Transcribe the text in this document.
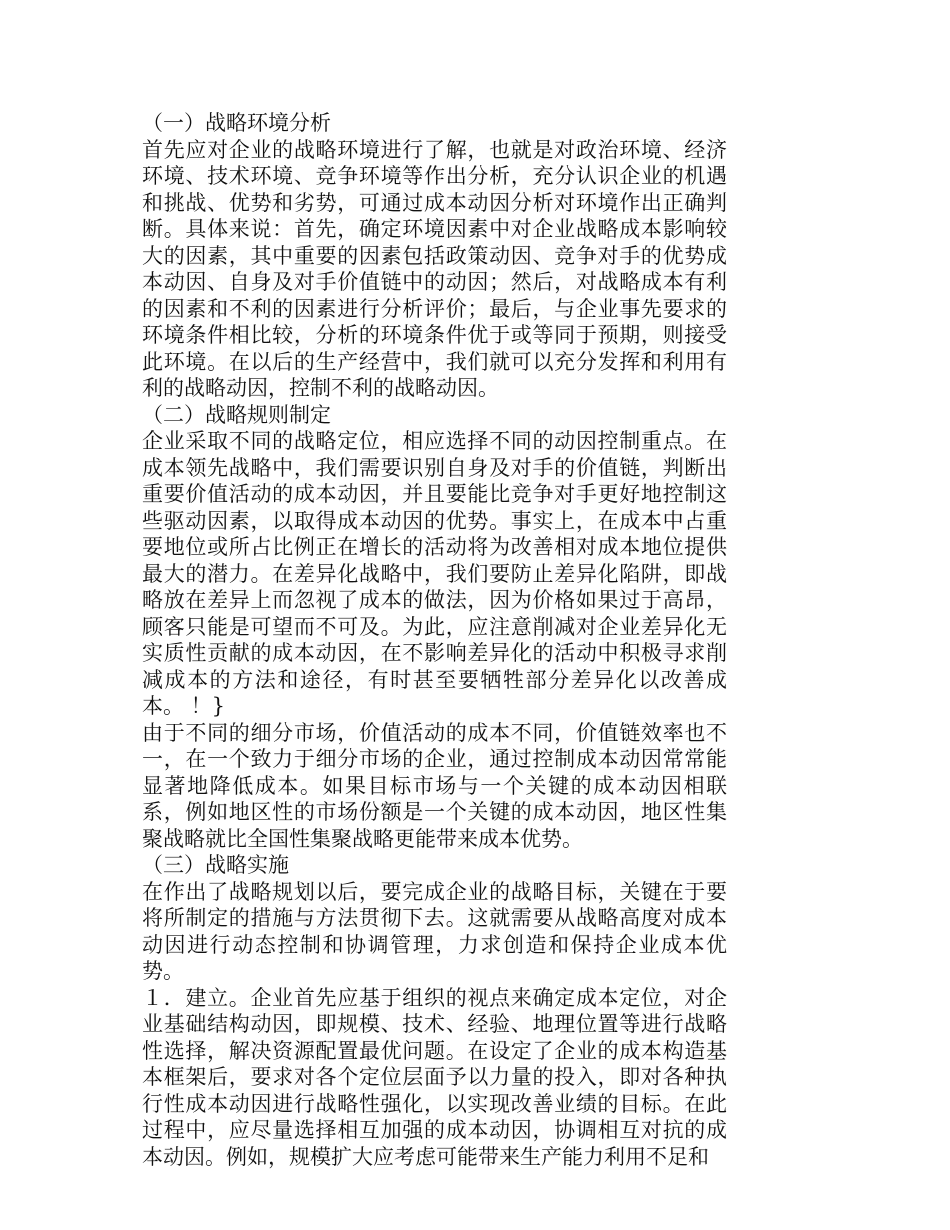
（一）战略环境分析

首先应对企业的战略环境进行了解，也就是对政治环境、经济环境、技术环境、竞争环境等作出分析，充分认识企业的机遇和挑战、优势和劣势，可通过成本动因分析对环境作出正确判断。具体来说：首先，确定环境因素中对企业战略成本影响较大的因素，其中重要的因素包括政策动因、竞争对手的优势成本动因、自身及对手价值链中的动因；然后，对战略成本有利的因素和不利的因素进行分析评价；最后，与企业事先要求的环境条件相比较，分析的环境条件优于或等同于预期，则接受此环境。在以后的生产经营中，我们就可以充分发挥和利用有利的战略动因，控制不利的战略动因。

（二）战略规则制定

企业采取不同的战略定位，相应选择不同的动因控制重点。在成本领先战略中，我们需要识别自身及对手的价值链，判断出重要价值活动的成本动因，并且要能比竞争对手更好地控制这些驱动因素，以取得成本动因的优势。事实上，在成本中占重要地位或所占比例正在增长的活动将为改善相对成本地位提供最大的潜力。在差异化战略中，我们要防止差异化陷阱，即战略放在差异上而忽视了成本的做法，因为价格如果过于高昂，顾客只能是可望而不可及。为此，应注意削减对企业差异化无实质性贡献的成本动因，在不影响差异化的活动中积极寻求削减成本的方法和途径，有时甚至要牺牲部分差异化以改善成本。 ！}

由于不同的细分市场，价值活动的成本不同，价值链效率也不一，在一个致力于细分市场的企业，通过控制成本动因常常能显著地降低成本。如果目标市场与一个关键的成本动因相联系，例如地区性的市场份额是一个关键的成本动因，地区性集聚战略就比全国性集聚战略更能带来成本优势。

（三）战略实施

在作出了战略规划以后，要完成企业的战略目标，关键在于要将所制定的措施与方法贯彻下去。这就需要从战略高度对成本动因进行动态控制和协调管理，力求创造和保持企业成本优势。

１．建立。企业首先应基于组织的视点来确定成本定位，对企业基础结构动因，即规模、技术、经验、地理位置等进行战略性选择，解决资源配置最优问题。在设定了企业的成本构造基本框架后，要求对各个定位层面予以力量的投入，即对各种执行性成本动因进行战略性强化，以实现改善业绩的目标。在此过程中，应尽量选择相互加强的成本动因，协调相互对抗的成本动因。例如，规模扩大应考虑可能带来生产能力利用不足和
